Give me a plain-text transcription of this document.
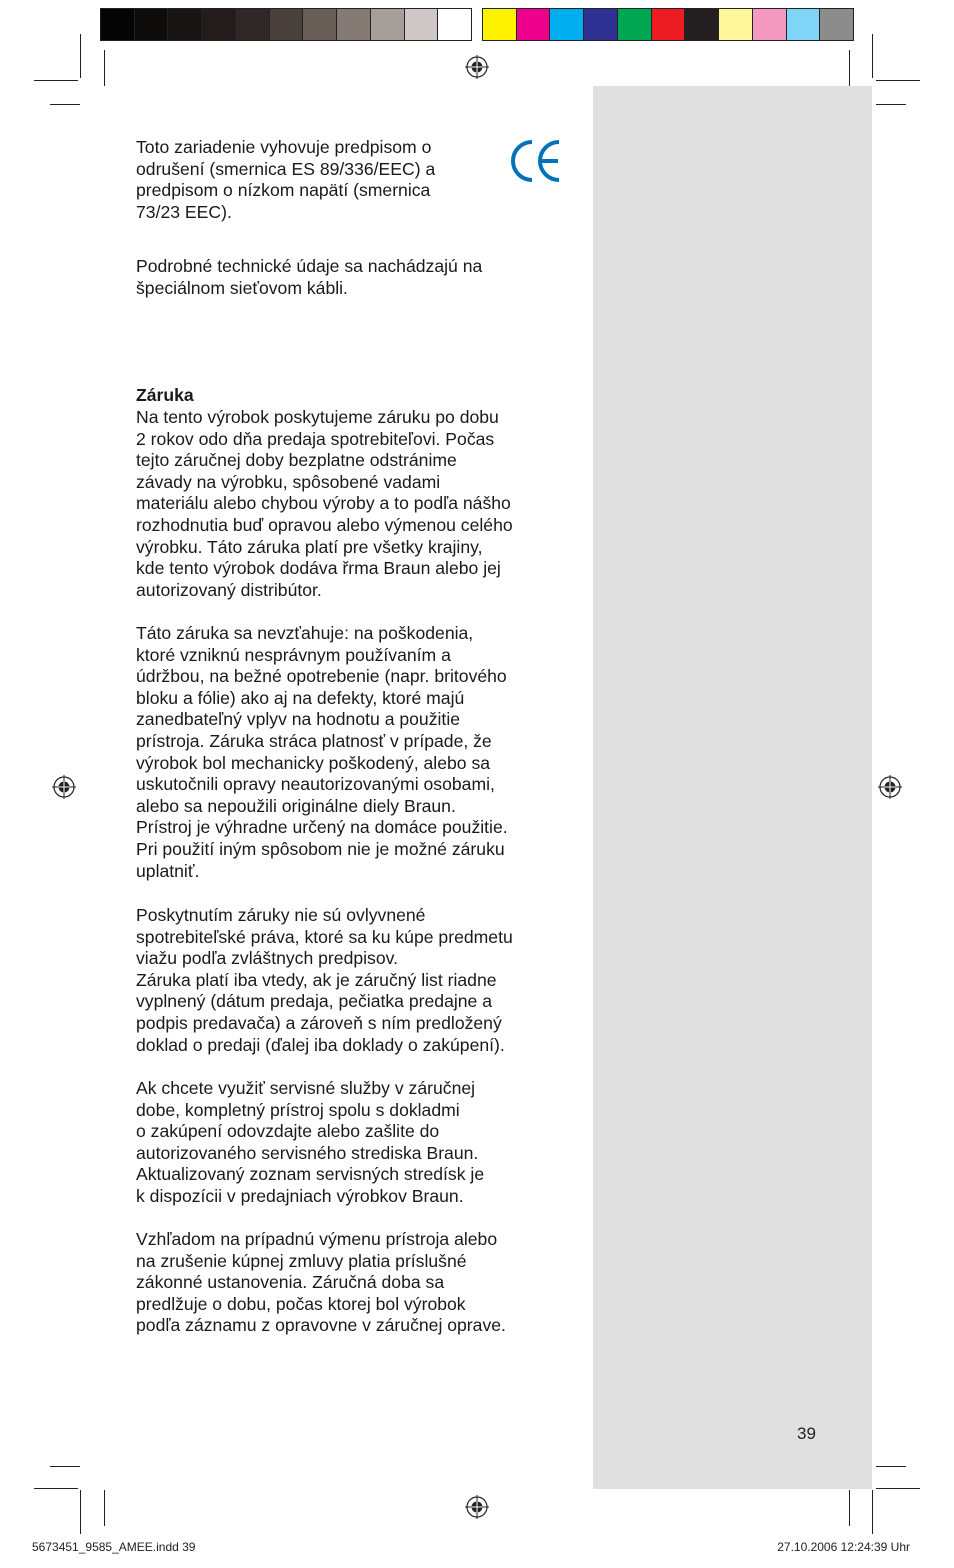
39
Toto zariadenie vyhovuje predpisom o
odrušení (smernica ES 89/336/EEC) a
predpisom o nízkom napätí (smernica
73/23 EEC).
Podrobné technické údaje sa nachádzajú na
špeciálnom sieťovom kábli.
Záruka
Na tento výrobok poskytujeme záruku po dobu
2 rokov odo dňa predaja spotrebiteľovi. Počas
tejto záručnej doby bezplatne odstránime
závady na výrobku, spôsobené vadami
materiálu alebo chybou výroby a to podľa nášho
rozhodnutia buď opravou alebo výmenou celého
výrobku. Táto záruka platí pre všetky krajiny,
kde tento výrobok dodáva řrma Braun alebo jej
autorizovaný distribútor.
Táto záruka sa nevzťahuje: na poškodenia,
ktoré vzniknú nesprávnym používaním a
údržbou, na bežné opotrebenie (napr. britového
bloku a fólie) ako aj na defekty, ktoré majú
zanedbateľný vplyv na hodnotu a použitie
prístroja. Záruka stráca platnosť v prípade, že
výrobok bol mechanicky poškodený, alebo sa
uskutočnili opravy neautorizovanými osobami,
alebo sa nepoužili originálne diely Braun.
Prístroj je výhradne určený na domáce použitie.
Pri použití iným spôsobom nie je možné záruku
uplatniť.
Poskytnutím záruky nie sú ovlyvnené
spotrebiteľské práva, ktoré sa ku kúpe predmetu
viažu podľa zvláštnych predpisov.
Záruka platí iba vtedy, ak je záručný list riadne
vyplnený (dátum predaja, pečiatka predajne a
podpis predavača) a zároveň s ním predložený
doklad o predaji (ďalej iba doklady o zakúpení).
Ak chcete využiť servisné služby v záručnej
dobe, kompletný prístroj spolu s dokladmi
o zakúpení odovzdajte alebo zašlite do
autorizovaného servisného strediska Braun.
Aktualizovaný zoznam servisných stredísk je
k dispozícii v predajniach výrobkov Braun.
Vzhľadom na prípadnú výmenu prístroja alebo
na zrušenie kúpnej zmluvy platia príslušné
zákonné ustanovenia. Záručná doba sa
predlžuje o dobu, počas ktorej bol výrobok
podľa záznamu z opravovne v záručnej oprave.
5673451_9585_AMEE.indd 39	27.10.2006 12:24:39 Uhr
